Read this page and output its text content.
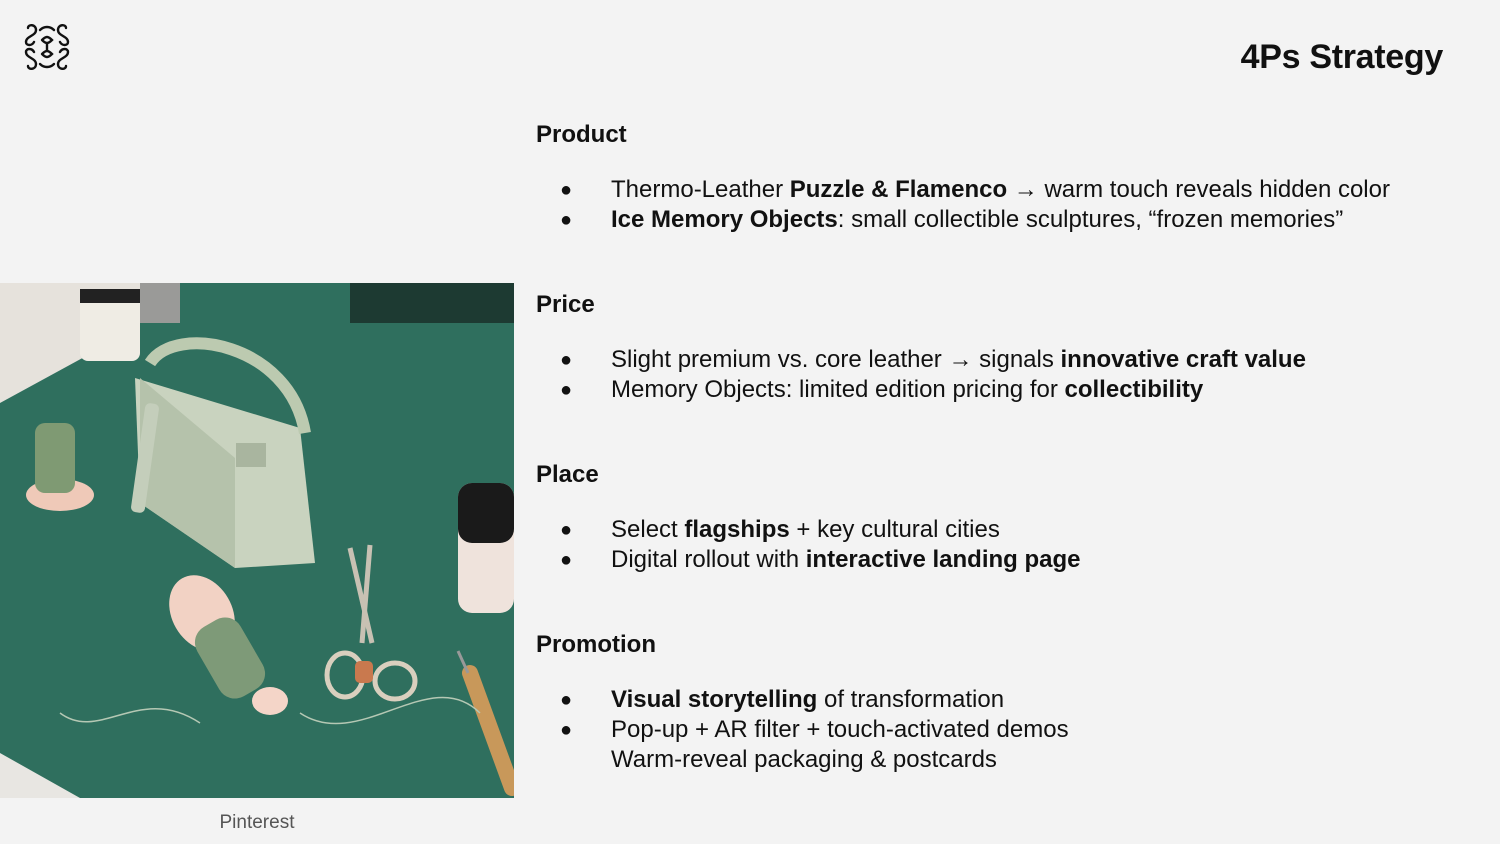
4Ps Strategy
Pinterest
Product
● Thermo-Leather Puzzle & Flamenco → warm touch reveals hidden color
● Ice Memory Objects: small collectible sculptures, “frozen memories”
Price
● Slight premium vs. core leather → signals innovative craft value
● Memory Objects: limited edition pricing for collectibility
Place
● Select flagships + key cultural cities
● Digital rollout with interactive landing page
Promotion
● Visual storytelling of transformation
● Pop-up + AR filter + touch-activated demos
Warm-reveal packaging & postcards
